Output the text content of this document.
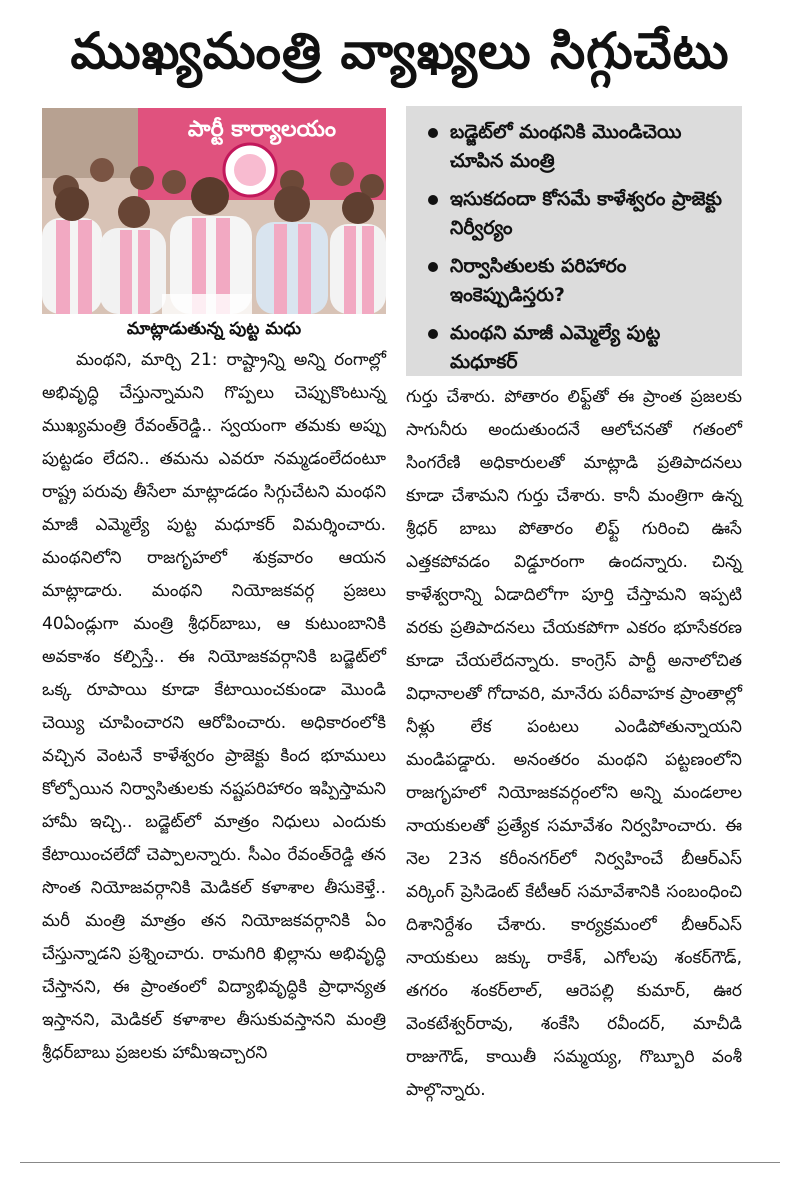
ముఖ్యమంత్రి వ్యాఖ్యలు సిగ్గుచేటు
పార్టీ కార్యాలయం
మాట్లాడుతున్న పుట్ట మధు
బడ్జెట్‌లో మంథనికి మొండిచెయి చూపిన మంత్రి
ఇసుకదందా కోసమే కాళేశ్వరం ప్రాజెక్టు నిర్వీర్యం
నిర్వాసితులకు పరిహారం ఇంకెప్పుడిస్తరు?
మంథని మాజీ ఎమ్మెల్యే పుట్ట మధూకర్
మంథని, మార్చి 21: రాష్ట్రాన్ని అన్ని రంగాల్లో అభివృద్ధి చేస్తున్నామని గొప్పలు చెప్పుకొంటున్న ముఖ్యమంత్రి రేవంత్‌రెడ్డి.. స్వయంగా తమకు అప్పు పుట్టడం లేదని.. తమను ఎవరూ నమ్మడంలేదంటూ రాష్ట్ర పరువు తీసేలా మాట్లాడడం సిగ్గుచేటని మంథని మాజీ ఎమ్మెల్యే పుట్ట మధూకర్ విమర్శించారు. మంథనిలోని రాజగృహలో శుక్రవారం ఆయన మాట్లాడారు. మంథని నియోజకవర్గ ప్రజలు 40ఏండ్లుగా మంత్రి శ్రీధర్‌బాబు, ఆ కుటుంబానికి అవకాశం కల్పిస్తే.. ఈ నియోజకవర్గానికి బడ్జెట్‌లో ఒక్క రూపాయి కూడా కేటాయించకుండా మొండి చెయ్యి చూపించారని ఆరోపించారు. అధికారంలోకి వచ్చిన వెంటనే కాళేశ్వరం ప్రాజెక్టు కింద భూములు కోల్పోయిన నిర్వాసితులకు నష్టపరిహారం ఇప్పిస్తామని హామీ ఇచ్చి.. బడ్జెట్‌లో మాత్రం నిధులు ఎందుకు కేటాయించలేదో చెప్పాలన్నారు. సీఎం రేవంత్‌రెడ్డి తన సొంత నియోజవర్గానికి మెడికల్ కళాశాల తీసుకెళ్తే.. మరీ మంత్రి మాత్రం తన నియోజకవర్గానికి ఏం చేస్తున్నాడని ప్రశ్నించారు. రామగిరి ఖిల్లాను అభివృద్ధి చేస్తానని, ఈ ప్రాంతంలో విద్యాభివృద్ధికి ప్రాధాన్యత ఇస్తానని, మెడికల్ కళాశాల తీసుకువస్తానని మంత్రి శ్రీధర్‌బాబు ప్రజలకు హామీఇచ్చారని
గుర్తు చేశారు. పోతారం లిఫ్ట్‌తో ఈ ప్రాంత ప్రజలకు సాగునీరు అందుతుందనే ఆలోచనతో గతంలో సింగరేణి అధికారులతో మాట్లాడి ప్రతిపాదనలు కూడా చేశామని గుర్తు చేశారు. కానీ మంత్రిగా ఉన్న శ్రీధర్ బాబు పోతారం లిఫ్ట్ గురించి ఊసే ఎత్తకపోవడం విడ్డూరంగా ఉందన్నారు. చిన్న కాళేశ్వరాన్ని ఏడాదిలోగా పూర్తి చేస్తామని ఇప్పటి వరకు ప్రతిపాదనలు చేయకపోగా ఎకరం భూసేకరణ కూడా చేయలేదన్నారు. కాంగ్రెస్ పార్టీ అనాలోచిత విధానాలతో గోదావరి, మానేరు పరీవాహక ప్రాంతాల్లో నీళ్లు లేక పంటలు ఎండిపోతున్నాయని మండిపడ్డారు. అనంతరం మంథని పట్టణంలోని రాజగృహలో నియోజకవర్గంలోని అన్ని మండలాల నాయకులతో ప్రత్యేక సమావేశం నిర్వహించారు. ఈ నెల 23న కరీంనగర్‌లో నిర్వహించే బీఆర్‌ఎస్ వర్కింగ్ ప్రెసిడెంట్ కేటీఆర్ సమావేశానికి సంబంధించి దిశానిర్దేశం చేశారు. కార్యక్రమంలో బీఆర్‌ఎస్ నాయకులు జక్కు రాకేశ్, ఎగోలపు శంకర్‌గౌడ్, తగరం శంకర్‌లాల్, ఆరెపల్లి కుమార్, ఊర వెంకటేశ్వర్‌రావు, శంకేసి రవీందర్, మాచీడి రాజుగౌడ్, కాయితీ సమ్మయ్య, గొబ్బూరి వంశీ పాల్గొన్నారు.
